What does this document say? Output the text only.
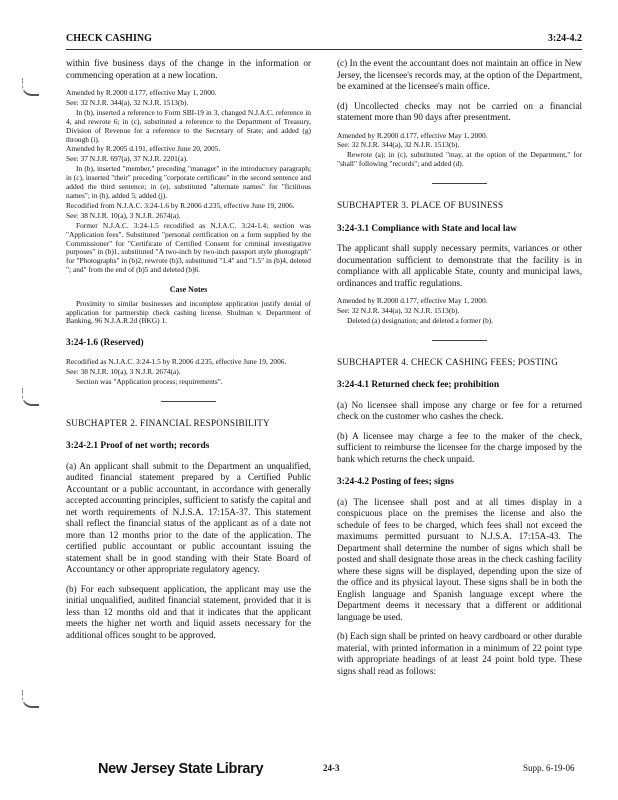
CHECK CASHING	3:24-4.2

within five business days of the change in the information or commencing operation at a new location.

Amended by R.2000 d.177, effective May 1, 2000.
See: 32 N.J.R. 344(a), 32 N.J.R. 1513(b).
In (b), inserted a reference to Form SBI-19 in 3, changed N.J.A.C. reference in 4, and rewrote 6; in (c), substituted a reference to the Department of Treasury, Division of Revenue for a reference to the Secretary of State; and added (g) through (i).
Amended by R.2005 d.191, effective June 20, 2005.
See: 37 N.J.R. 697(a), 37 N.J.R. 2201(a).
In (b), inserted "member," preceding "manager" in the introductory paragraph; in (c), inserted "their" preceding "corporate certificate" in the second sentence and added the third sentence; in (e), substituted "alternate names" for "fictitious names"; in (h), added 5; added (j).
Recodified from N.J.A.C. 3:24-1.6 by R.2006 d.235, effective June 19, 2006.
See: 38 N.J.R. 10(a), 3 N.J.R. 2674(a).
Former N.J.A.C. 3:24-1.5 recodified as N.J.A.C. 3:24-1.4; section was "Application fees". Substituted "personal certification on a form supplied by the Commissioner" for "Certificate of Certified Consent for criminal investigative purposes" in (b)1, substituted "A two-inch by two-inch passport style photograph" for "Photographs" in (b)2, rewrote (b)3, substituted "1.4" and "1.5" in (b)4, deleted "; and" from the end of (b)5 and deleted (b)6.
Case Notes
Proximity to similar businesses and incomplete application justify denial of application for partnership check cashing license. Shulman v. Department of Banking, 96 N.J.A.R.2d (BKG) 1.
3:24-1.6 (Reserved)
Recodified as N.J.A.C. 3:24-1.5 by R.2006 d.235, effective June 19, 2006.
See: 38 N.J.R. 10(a), 3 N.J.R. 2674(a).
Section was "Application process; requirements".
SUBCHAPTER 2. FINANCIAL RESPONSIBILITY
3:24-2.1 Proof of net worth; records

(a) An applicant shall submit to the Department an unqualified, audited financial statement prepared by a Certified Public Accountant or a public accountant, in accordance with generally accepted accounting principles, sufficient to satisfy the capital and net worth requirements of N.J.S.A. 17:15A-37. This statement shall reflect the financial status of the applicant as of a date not more than 12 months prior to the date of the application. The certified public accountant or public accountant issuing the statement shall be in good standing with their State Board of Accountancy or other appropriate regulatory agency.

(b) For each subsequent application, the applicant may use the initial unqualified, audited financial statement, provided that it is less than 12 months old and that it indicates that the applicant meets the higher net worth and liquid assets necessary for the additional offices sought to be approved.

(c) In the event the accountant does not maintain an office in New Jersey, the licensee's records may, at the option of the Department, be examined at the licensee's main office.

(d) Uncollected checks may not be carried on a financial statement more than 90 days after presentment.

Amended by R.2000 d.177, effective May 1, 2000.
See: 32 N.J.R. 344(a), 32 N.J.R. 1513(b).
Rewrote (a); in (c), substituted "may, at the option of the Department," for "shall" following "records"; and added (d).
SUBCHAPTER 3. PLACE OF BUSINESS
3:24-3.1 Compliance with State and local law

The applicant shall supply necessary permits, variances or other documentation sufficient to demonstrate that the facility is in compliance with all applicable State, county and municipal laws, ordinances and traffic regulations.

Amended by R.2000 d.177, effective May 1, 2000.
See: 32 N.J.R. 344(a), 32 N.J.R. 1513(b).
Deleted (a) designation; and deleted a former (b).
SUBCHAPTER 4. CHECK CASHING FEES; POSTING
3:24-4.1 Returned check fee; prohibition

(a) No licensee shall impose any charge or fee for a returned check on the customer who cashes the check.

(b) A licensee may charge a fee to the maker of the check, sufficient to reimburse the licensee for the charge imposed by the bank which returns the check unpaid.

3:24-4.2 Posting of fees; signs

(a) The licensee shall post and at all times display in a conspicuous place on the premises the license and also the schedule of fees to be charged, which fees shall not exceed the maximums permitted pursuant to N.J.S.A. 17:15A-43. The Department shall determine the number of signs which shall be posted and shall designate those areas in the check cashing facility where these signs will be displayed, depending upon the size of the office and its physical layout. These signs shall be in both the English language and Spanish language except where the Department deems it necessary that a different or additional language be used.

(b) Each sign shall be printed on heavy cardboard or other durable material, with printed information in a minimum of 22 point type with appropriate headings of at least 24 point bold type. These signs shall read as follows:

New Jersey State Library	24-3	Supp. 6-19-06
